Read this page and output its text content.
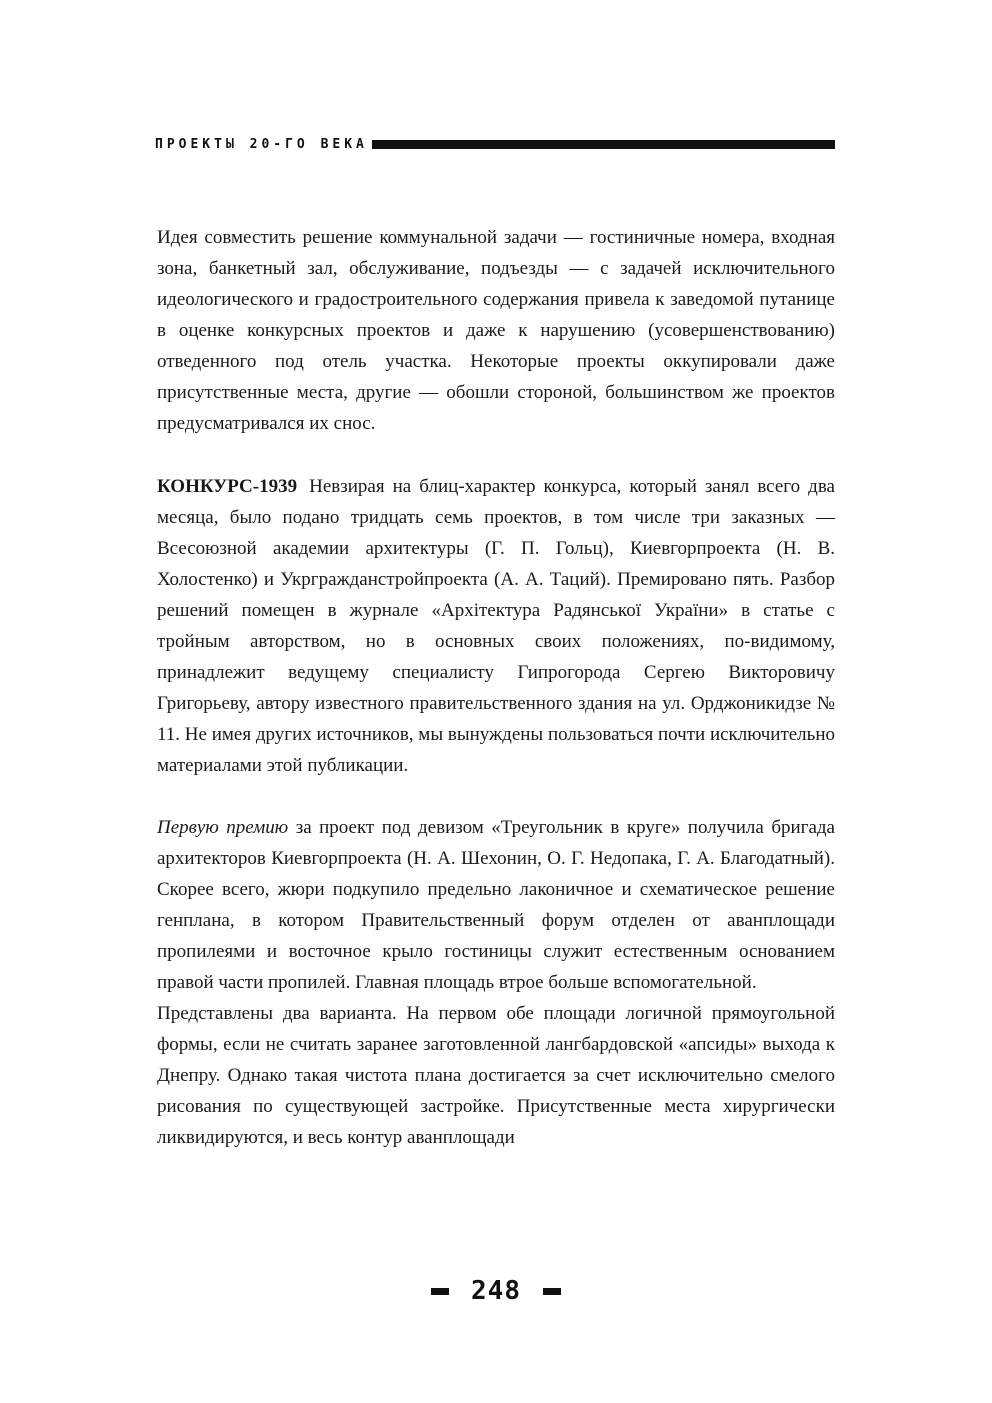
ПРОЕКТЫ 20-ГО ВЕКА

Идея совместить решение коммунальной задачи — гостиничные номера, входная зона, банкетный зал, обслуживание, подъезды — с задачей исключительного идеологического и градостроительного содержания привела к заведомой путанице в оценке конкурсных проектов и даже к нарушению (усовершенствованию) отведенного под отель участка. Некоторые проекты оккупировали даже присутственные места, другие — обошли стороной, большинством же проектов предусматривался их снос.

КОНКУРС-1939 Невзирая на блиц-характер конкурса, который занял всего два месяца, было подано тридцать семь проектов, в том числе три заказных — Всесоюзной академии архитектуры (Г. П. Гольц), Киевгорпроекта (Н. В. Холостенко) и Укргражданстройпроекта (А. А. Таций). Премировано пять. Разбор решений помещен в журнале «Архітектура Радянської України» в статье с тройным авторством, но в основных своих положениях, по-видимому, принадлежит ведущему специалисту Гипрогорода Сергею Викторовичу Григорьеву, автору известного правительственного здания на ул. Орджоникидзе № 11. Не имея других источников, мы вынуждены пользоваться почти исключительно материалами этой публикации.

Первую премию за проект под девизом «Треугольник в круге» получила бригада архитекторов Киевгорпроекта (Н. А. Шехонин, О. Г. Недопака, Г. А. Благодатный). Скорее всего, жюри подкупило предельно лаконичное и схематическое решение генплана, в котором Правительственный форум отделен от аванплощади пропилеями и восточное крыло гостиницы служит естественным основанием правой части пропилей. Главная площадь втрое больше вспомогательной.

Представлены два варианта. На первом обе площади логичной прямоугольной формы, если не считать заранее заготовленной лангбардовской «апсиды» выхода к Днепру. Однако такая чистота плана достигается за счет исключительно смелого рисования по существующей застройке. Присутственные места хирургически ликвидируются, и весь контур аванплощади

248
